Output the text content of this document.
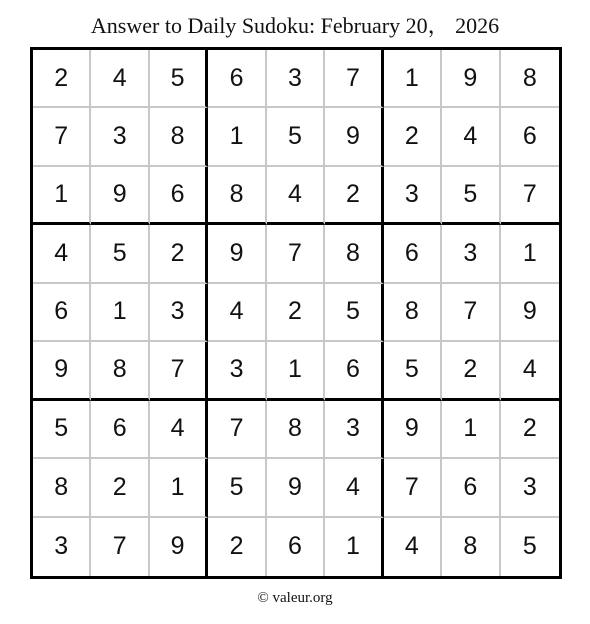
Answer to Daily Sudoku: February 20， 2026
2	4	5	6	3	7	1	9	8
7	3	8	1	5	9	2	4	6
1	9	6	8	4	2	3	5	7
4	5	2	9	7	8	6	3	1
6	1	3	4	2	5	8	7	9
9	8	7	3	1	6	5	2	4
5	6	4	7	8	3	9	1	2
8	2	1	5	9	4	7	6	3
3	7	9	2	6	1	4	8	5
© valeur.org
